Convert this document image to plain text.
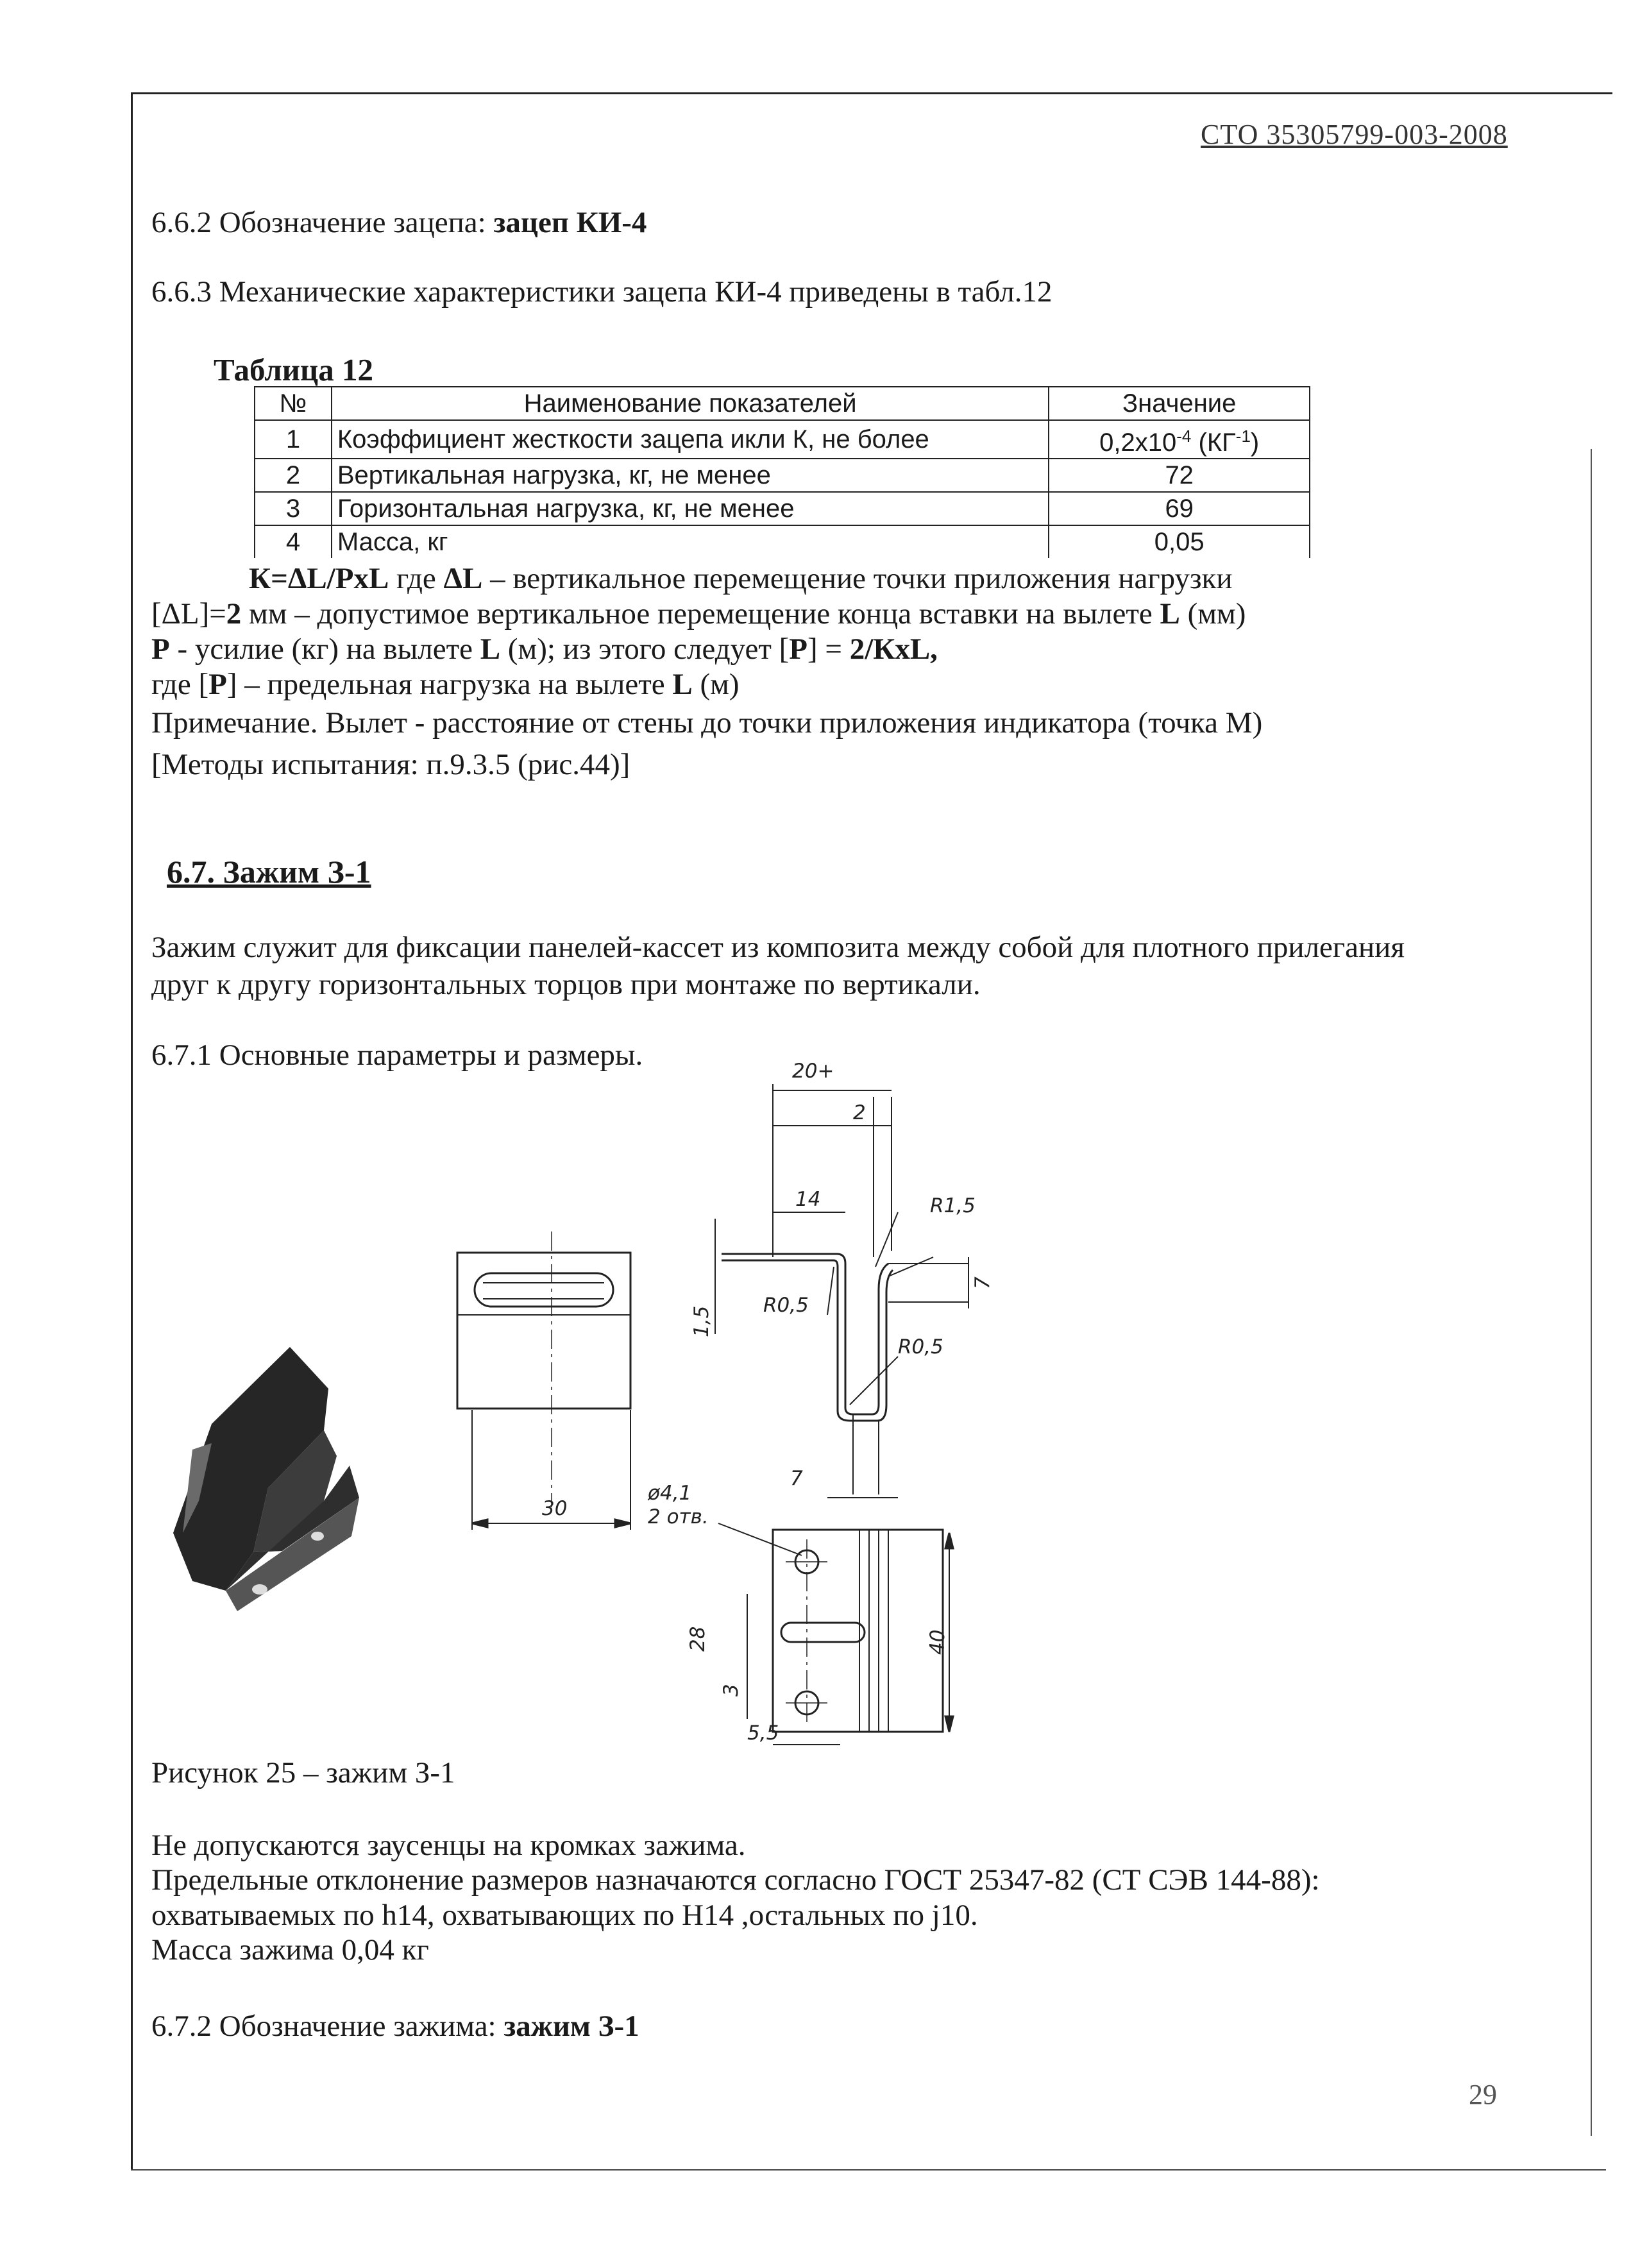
СТО 35305799-003-2008
6.6.2 Обозначение зацепа: зацеп КИ-4
6.6.3 Механические характеристики зацепа КИ-4 приведены в табл.12
Таблица 12
№	Наименование показателей	Значение
1	Коэффициент жесткости зацепа икли К, не более	$0,2х10^{-4}$ $(КГ^{-1})$
2	Вертикальная нагрузка, кг, не менее	72
3	Горизонтальная нагрузка, кг, не менее	69
4	Масса, кг	0,05
К=ΔL/PхL где ΔL – вертикальное перемещение точки приложения нагрузки
[ΔL]=2 мм – допустимое вертикальное перемещение конца вставки на вылете L (мм)
Р - усилие (кг) на вылете L (м); из этого следует [Р] = 2/КхL,
где [Р] – предельная нагрузка на вылете L (м)
Примечание. Вылет - расстояние от стены до точки приложения индикатора (точка М)
[Методы испытания: п.9.3.5 (рис.44)]
6.7. Зажим З-1
Зажим служит для фиксации панелей-кассет из композита между собой для плотного прилегания
друг к другу горизонтальных торцов при монтаже по вертикали.
6.7.1 Основные параметры и размеры.
30
20+
2
14	R1,5
R0,5
R0,5
1,5
7
7
ø4,1
2 отв.
28
3
40
5,5
Рисунок 25 – зажим З-1
Не допускаются заусенцы на кромках зажима.
Предельные отклонение размеров назначаются согласно ГОСТ 25347-82 (СТ СЭВ 144-88):
охватываемых по h14, охватывающих по Н14 ,остальных по j10.
Масса зажима 0,04 кг
6.7.2 Обозначение зажима: зажим З-1
29
